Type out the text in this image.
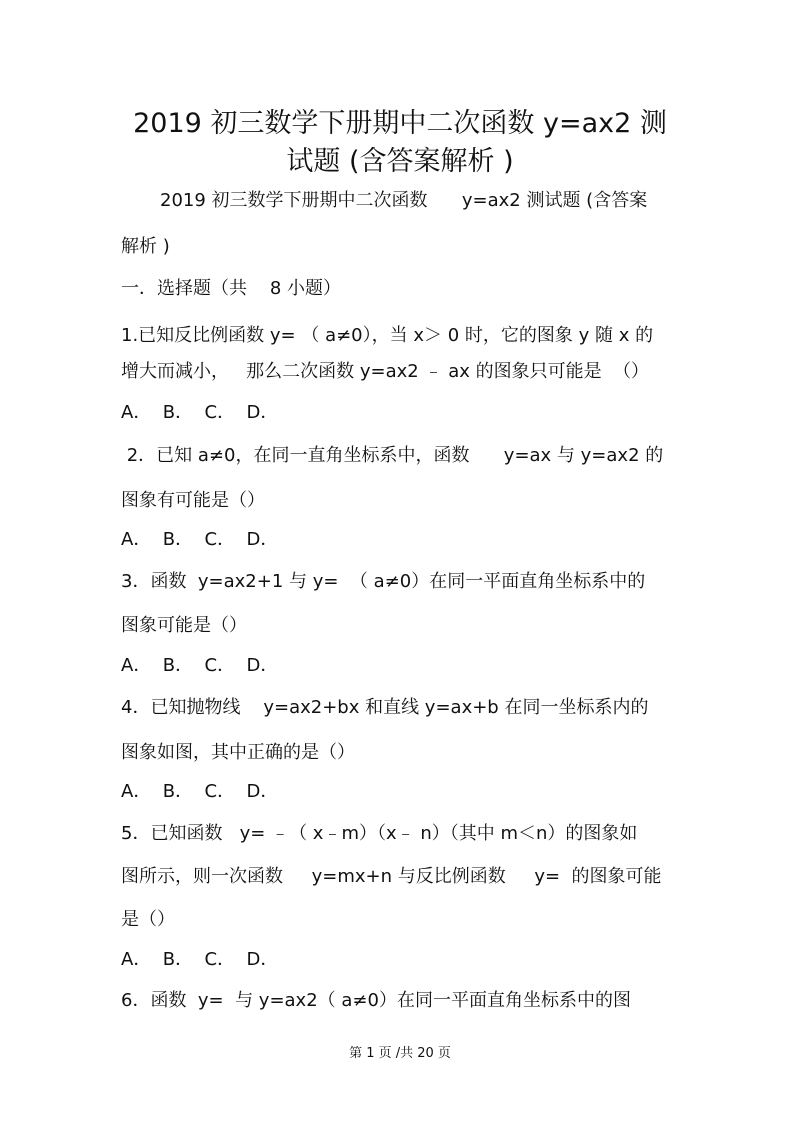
2019 初三数学下册期中二次函数 y=ax2 测
试题 (含答案解析 )
2019 初三数学下册期中二次函数      y=ax2 测试题 (含答案
解析 )
一．选择题（共    8 小题）
1.已知反比例函数 y= （ a≠0），当 x＞ 0 时，它的图象 y 随 x 的
增大而减小，   那么二次函数 y=ax2 ﹣ ax 的图象只可能是  （）
A．  B．  C．  D．
2．已知 a≠0，在同一直角坐标系中，函数      y=ax 与 y=ax2 的
图象有可能是（）
A．  B．  C．  D．
3．函数  y=ax2+1 与 y=  （ a≠0）在同一平面直角坐标系中的
图象可能是（）
A．  B．  C．  D．
4．已知抛物线    y=ax2+bx 和直线 y=ax+b 在同一坐标系内的
图象如图，其中正确的是（）
A．  B．  C．  D．
5．已知函数   y= ﹣（ x﹣m）（x﹣ n）（其中 m＜n）的图象如
图所示，则一次函数     y=mx+n 与反比例函数     y=  的图象可能
是（）
A．  B．  C．  D．
6．函数  y=  与 y=ax2（ a≠0）在同一平面直角坐标系中的图
第 1 页 /共 20 页
